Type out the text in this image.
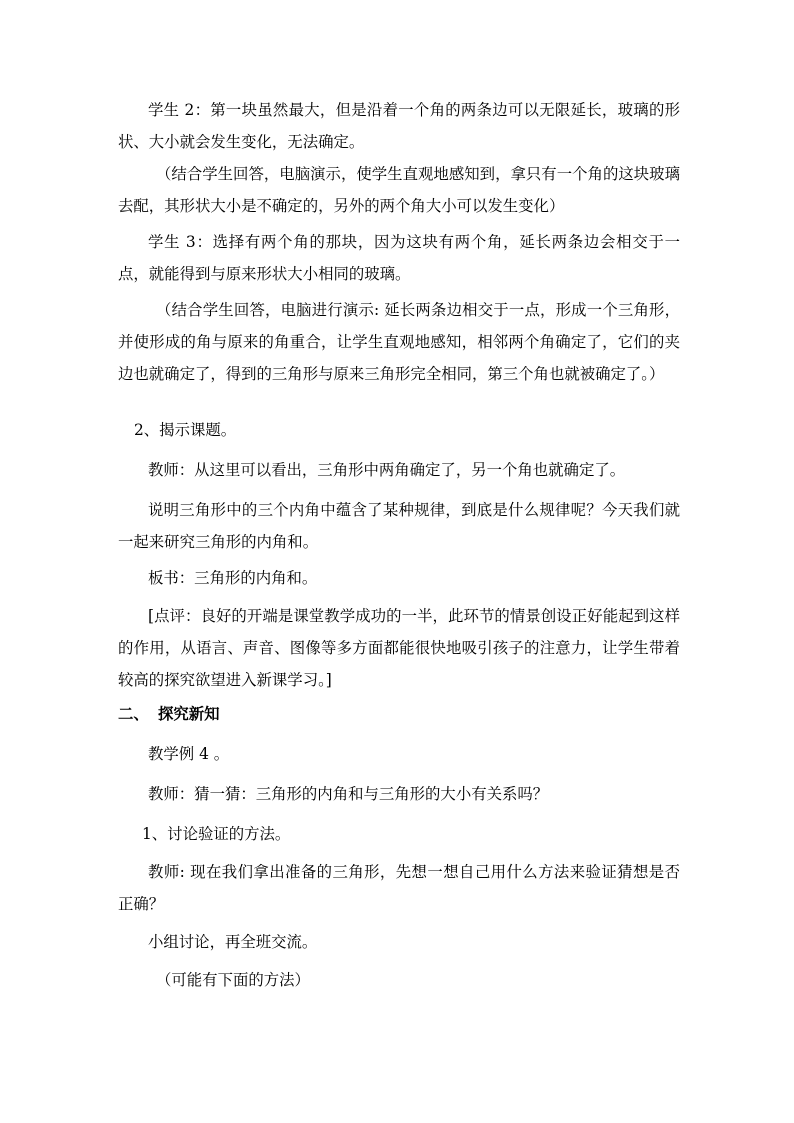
学生 2：第一块虽然最大，但是沿着一个角的两条边可以无限延长，玻璃的形状、大小就会发生变化，无法确定。

（结合学生回答，电脑演示，使学生直观地感知到，拿只有一个角的这块玻璃去配，其形状大小是不确定的，另外的两个角大小可以发生变化）

学生 3：选择有两个角的那块，因为这块有两个角，延长两条边会相交于一点，就能得到与原来形状大小相同的玻璃。

（结合学生回答，电脑进行演示: 延长两条边相交于一点，形成一个三角形，并使形成的角与原来的角重合，让学生直观地感知，相邻两个角确定了，它们的夹边也就确定了，得到的三角形与原来三角形完全相同，第三个角也就被确定了。）

2、揭示课题。

教师：从这里可以看出，三角形中两角确定了，另一个角也就确定了。

说明三角形中的三个内角中蕴含了某种规律，到底是什么规律呢？今天我们就一起来研究三角形的内角和。

板书：三角形的内角和。

[点评：良好的开端是课堂教学成功的一半，此环节的情景创设正好能起到这样的作用，从语言、声音、图像等多方面都能很快地吸引孩子的注意力，让学生带着较高的探究欲望进入新课学习。]

二、 探究新知

教学例 4 。

教师：猜一猜：三角形的内角和与三角形的大小有关系吗？

1、讨论验证的方法。

教师: 现在我们拿出准备的三角形，先想一想自己用什么方法来验证猜想是否正确？

小组讨论，再全班交流。

（可能有下面的方法）
